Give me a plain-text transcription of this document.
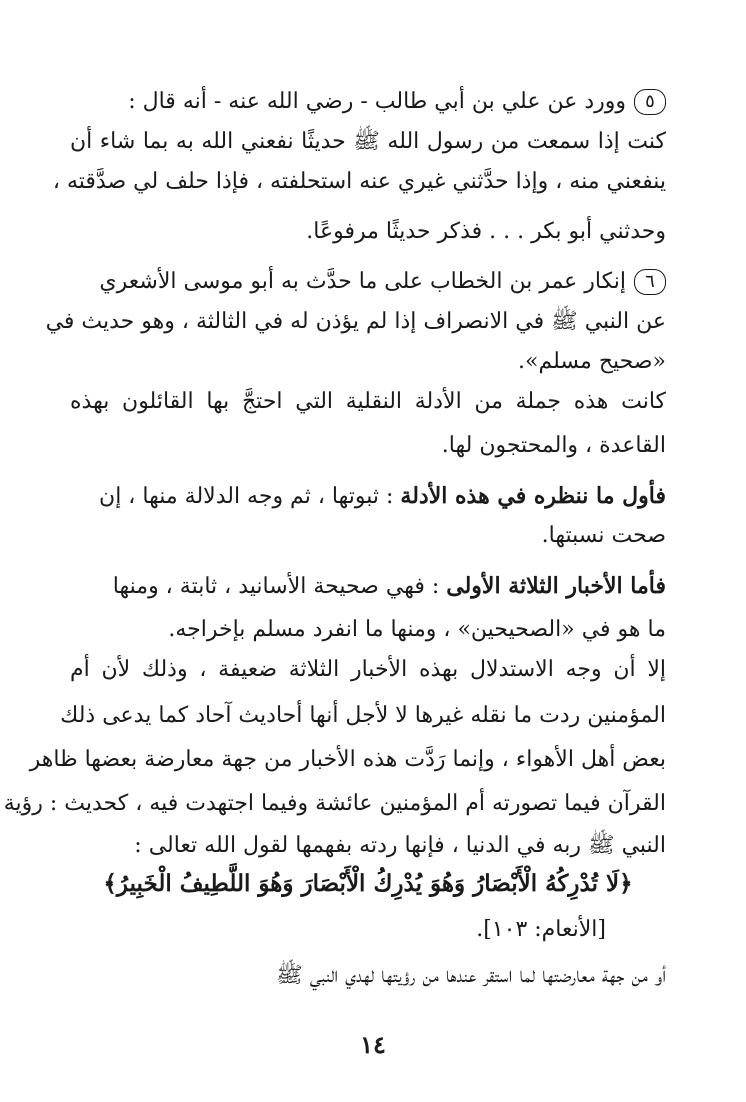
٥وورد عن علي بن أبي طالب - رضي الله عنه - أنه قال :
كنت إذا سمعت من رسول الله ﷺ حديثًا نفعني الله به بما شاء أن
ينفعني منه ، وإذا حدَّثني غيري عنه استحلفته ، فإذا حلف لي صدَّقته ،
وحدثني أبو بكر . . . فذكر حديثًا مرفوعًا.
٦إنكار عمر بن الخطاب على ما حدَّث به أبو موسى الأشعري
عن النبي ﷺ في الانصراف إذا لم يؤذن له في الثالثة ، وهو حديث في
«صحيح مسلم».
كانت هذه جملة من الأدلة النقلية التي احتجَّ بها القائلون بهذه
القاعدة ، والمحتجون لها.
فأول ما ننظره في هذه الأدلة : ثبوتها ، ثم وجه الدلالة منها ، إن
صحت نسبتها.
فأما الأخبار الثلاثة الأولى : فهي صحيحة الأسانيد ، ثابتة ، ومنها
ما هو في «الصحيحين» ، ومنها ما انفرد مسلم بإخراجه.
إلا أن وجه الاستدلال بهذه الأخبار الثلاثة ضعيفة ، وذلك لأن أم
المؤمنين ردت ما نقله غيرها لا لأجل أنها أحاديث آحاد كما يدعى ذلك
بعض أهل الأهواء ، وإنما رَدَّت هذه الأخبار من جهة معارضة بعضها ظاهر
القرآن فيما تصورته أم المؤمنين عائشة وفيما اجتهدت فيه ، كحديث : رؤية
النبي ﷺ ربه في الدنيا ، فإنها ردته بفهمها لقول الله تعالى :
﴿لَا تُدْرِكُهُ الْأَبْصَارُ وَهُوَ يُدْرِكُ الْأَبْصَارَ وَهُوَ اللَّطِيفُ الْخَبِيرُ﴾
[الأنعام: ١٠٣].
أو من جهة معارضتها لما استقر عندها من رؤيتها لهدي النبي ﷺ
١٤
